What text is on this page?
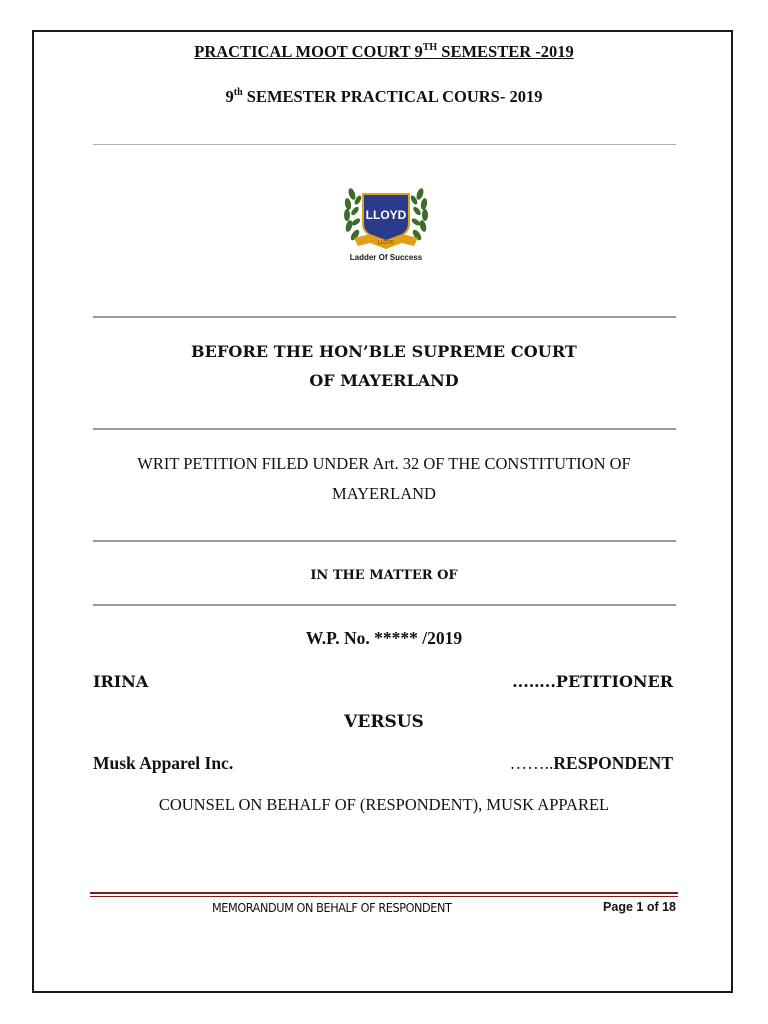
PRACTICAL MOOT COURT 9TH SEMESTER -2019
9th SEMESTER PRACTICAL COURS- 2019
LLOYD
LLOYD
Ladder Of Success
BEFORE THE HON’BLE SUPREME COURT
OF MAYERLAND
WRIT PETITION FILED UNDER Art. 32 OF THE CONSTITUTION OF
MAYERLAND
IN THE MATTER OF
W.P. No. ***** /2019
IRINA	...…..PETITIONER
VERSUS
Musk Apparel Inc.	……..RESPONDENT
COUNSEL ON BEHALF OF (RESPONDENT), MUSK APPAREL
MEMORANDUM ON BEHALF OF RESPONDENT	Page 1 of 18
